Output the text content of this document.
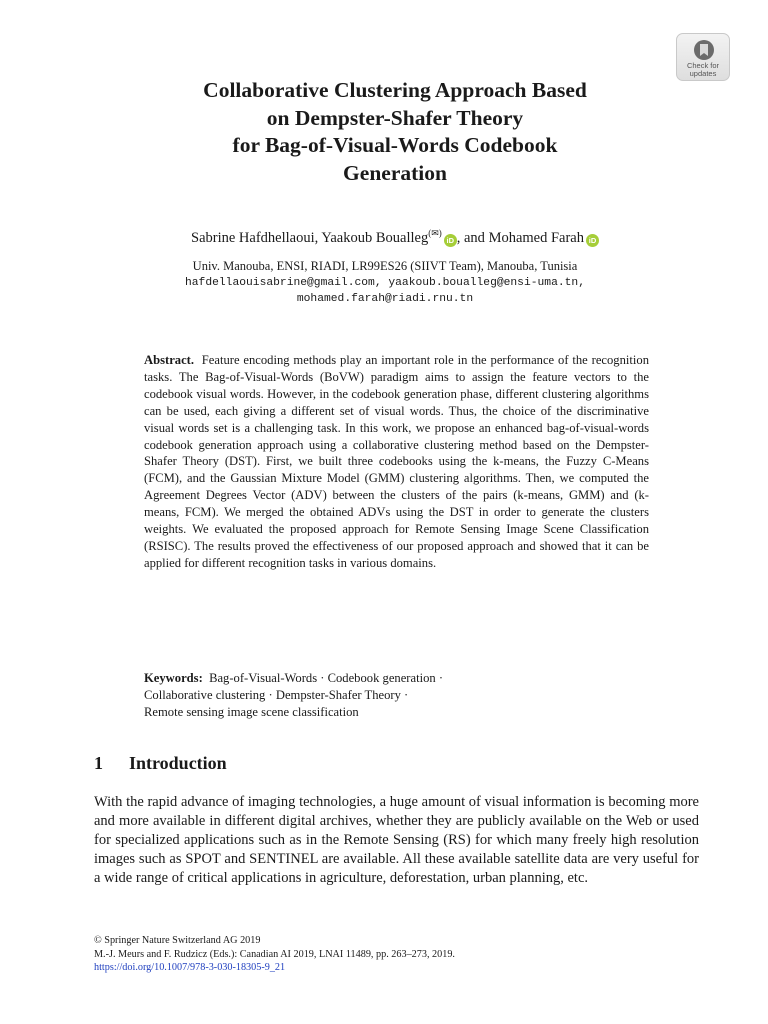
Check for
updates
Collaborative Clustering Approach Based
on Dempster-Shafer Theory
for Bag-of-Visual-Words Codebook
Generation
Sabrine Hafdhellaoui, Yaakoub Boualleg(✉)iD , and Mohamed Farah iD
Univ. Manouba, ENSI, RIADI, LR99ES26 (SIIVT Team), Manouba, Tunisia
hafdellaouisabrine@gmail.com, yaakoub.boualleg@ensi-uma.tn,
mohamed.farah@riadi.rnu.tn
Abstract. Feature encoding methods play an important role in the performance of the recognition tasks. The Bag-of-Visual-Words (BoVW) paradigm aims to assign the feature vectors to the codebook visual words. However, in the codebook generation phase, different clustering algorithms can be used, each giving a different set of visual words. Thus, the choice of the discriminative visual words set is a challenging task. In this work, we propose an enhanced bag-of-visual-words codebook generation approach using a collaborative clustering method based on the Dempster-Shafer Theory (DST). First, we built three codebooks using the k-means, the Fuzzy C-Means (FCM), and the Gaussian Mixture Model (GMM) clustering algorithms. Then, we computed the Agreement Degrees Vector (ADV) between the clusters of the pairs (k-means, GMM) and (k-means, FCM). We merged the obtained ADVs using the DST in order to generate the clusters weights. We evaluated the proposed approach for Remote Sensing Image Scene Classification (RSISC). The results proved the effectiveness of our proposed approach and showed that it can be applied for different recognition tasks in various domains.
Keywords: Bag-of-Visual-Words · Codebook generation ·
Collaborative clustering · Dempster-Shafer Theory ·
Remote sensing image scene classification
1 Introduction
With the rapid advance of imaging technologies, a huge amount of visual information is becoming more and more available in different digital archives, whether they are publicly available on the Web or used for specialized applications such as in the Remote Sensing (RS) for which many freely high resolution images such as SPOT and SENTINEL are available. All these available satellite data are very useful for a wide range of critical applications in agriculture, deforestation, urban planning, etc.
© Springer Nature Switzerland AG 2019
M.-J. Meurs and F. Rudzicz (Eds.): Canadian AI 2019, LNAI 11489, pp. 263–273, 2019.
https://doi.org/10.1007/978-3-030-18305-9_21
